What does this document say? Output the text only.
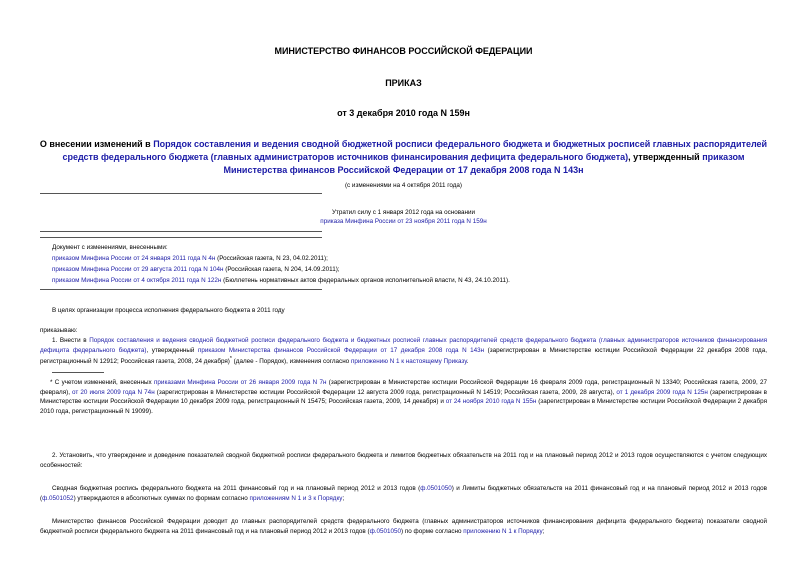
МИНИСТЕРСТВО ФИНАНСОВ РОССИЙСКОЙ ФЕДЕРАЦИИ
ПРИКАЗ
от 3 декабря 2010 года N 159н
О внесении изменений в Порядок составления и ведения сводной бюджетной росписи федерального бюджета и бюджетных росписей главных распорядителей средств федерального бюджета (главных администраторов источников финансирования дефицита федерального бюджета), утвержденный приказом Министерства финансов Российской Федерации от 17 декабря 2008 года N 143н
(с изменениями на 4 октября 2011 года)
Утратил силу с 1 января 2012 года на основании
приказа Минфина России от 23 ноября 2011 года N 159н
Документ с изменениями, внесенными:
приказом Минфина России от 24 января 2011 года N 4н (Российская газета, N 23, 04.02.2011);
приказом Минфина России от 29 августа 2011 года N 104н (Российская газета, N 204, 14.09.2011);
приказом Минфина России от 4 октября 2011 года N 122н (Бюллетень нормативных актов федеральных органов исполнительной власти, N 43, 24.10.2011).
В целях организации процесса исполнения федерального бюджета в 2011 году
приказываю:
1. Внести в Порядок составления и ведения сводной бюджетной росписи федерального бюджета и бюджетных росписей главных распорядителей средств федерального бюджета (главных администраторов источников финансирования дефицита федерального бюджета), утвержденный приказом Министерства финансов Российской Федерации от 17 декабря 2008 года N 143н (зарегистрирован в Министерстве юстиции Российской Федерации 22 декабря 2008 года, регистрационный N 12912; Российская газета, 2008, 24 декабря)* (далее - Порядок), изменения согласно приложению N 1 к настоящему Приказу.
* С учетом изменений, внесенных приказами Минфина России от 26 января 2009 года N 7н (зарегистрирован в Министерстве юстиции Российской Федерации 16 февраля 2009 года, регистрационный N 13340; Российская газета, 2009, 27 февраля), от 20 июля 2009 года N 74н (зарегистрирован в Министерстве юстиции Российской Федерации 12 августа 2009 года, регистрационный N 14519; Российская газета, 2009, 28 августа), от 1 декабря 2009 года N 125н (зарегистрирован в Министерстве юстиции Российской Федерации 10 декабря 2009 года, регистрационный N 15475; Российская газета, 2009, 14 декабря) и от 24 ноября 2010 года N 155н (зарегистрирован в Министерстве юстиции Российской Федерации 2 декабря 2010 года, регистрационный N 19099).
2. Установить, что утверждение и доведение показателей сводной бюджетной росписи федерального бюджета и лимитов бюджетных обязательств на 2011 год и на плановый период 2012 и 2013 годов осуществляются с учетом следующих особенностей:
Сводная бюджетная роспись федерального бюджета на 2011 финансовый год и на плановый период 2012 и 2013 годов (ф.0501050) и Лимиты бюджетных обязательств на 2011 финансовый год и на плановый период 2012 и 2013 годов (ф.0501052) утверждаются в абсолютных суммах по формам согласно приложениям N 1 и 3 к Порядку;
Министерство финансов Российской Федерации доводит до главных распорядителей средств федерального бюджета (главных администраторов источников финансирования дефицита федерального бюджета) показатели сводной бюджетной росписи федерального бюджета на 2011 финансовый год и на плановый период 2012 и 2013 годов (ф.0501050) по форме согласно приложению N 1 к Порядку;
